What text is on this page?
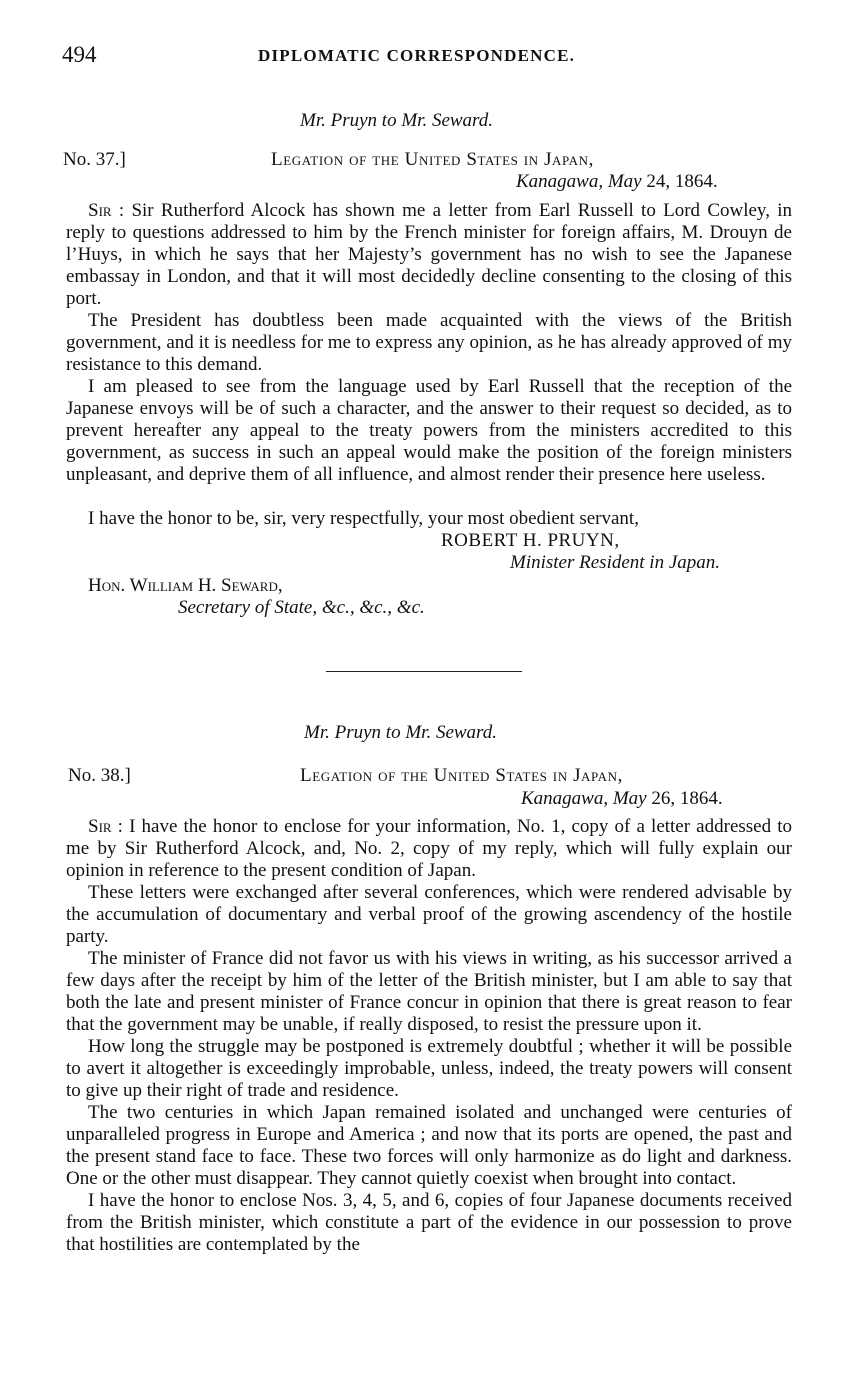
494	DIPLOMATIC CORRESPONDENCE.
Mr. Pruyn to Mr. Seward.
No. 37.]	Legation of the United States in Japan,
Kanagawa, May 24, 1864.

Sir : Sir Rutherford Alcock has shown me a letter from Earl Russell to Lord Cowley, in reply to questions addressed to him by the French minister for foreign affairs, M. Drouyn de l’Huys, in which he says that her Majesty’s government has no wish to see the Japanese embassay in London, and that it will most decidedly decline consenting to the closing of this port.

The President has doubtless been made acquainted with the views of the British government, and it is needless for me to express any opinion, as he has already approved of my resistance to this demand.

I am pleased to see from the language used by Earl Russell that the reception of the Japanese envoys will be of such a character, and the answer to their request so decided, as to prevent hereafter any appeal to the treaty powers from the ministers accredited to this government, as success in such an appeal would make the position of the foreign ministers unpleasant, and deprive them of all influence, and almost render their presence here useless.

I have the honor to be, sir, very respectfully, your most obedient servant,
ROBERT H. PRUYN,
Minister Resident in Japan.
Hon. William H. Seward,
Secretary of State, &c., &c., &c.
Mr. Pruyn to Mr. Seward.
No. 38.]	Legation of the United States in Japan,
Kanagawa, May 26, 1864.

Sir : I have the honor to enclose for your information, No. 1, copy of a letter addressed to me by Sir Rutherford Alcock, and, No. 2, copy of my reply, which will fully explain our opinion in reference to the present condition of Japan.

These letters were exchanged after several conferences, which were rendered advisable by the accumulation of documentary and verbal proof of the growing ascendency of the hostile party.

The minister of France did not favor us with his views in writing, as his successor arrived a few days after the receipt by him of the letter of the British minister, but I am able to say that both the late and present minister of France concur in opinion that there is great reason to fear that the government may be unable, if really disposed, to resist the pressure upon it.

How long the struggle may be postponed is extremely doubtful ; whether it will be possible to avert it altogether is exceedingly improbable, unless, indeed, the treaty powers will consent to give up their right of trade and residence.

The two centuries in which Japan remained isolated and unchanged were centuries of unparalleled progress in Europe and America ; and now that its ports are opened, the past and the present stand face to face. These two forces will only harmonize as do light and darkness. One or the other must disappear. They cannot quietly coexist when brought into contact.

I have the honor to enclose Nos. 3, 4, 5, and 6, copies of four Japanese documents received from the British minister, which constitute a part of the evidence in our possession to prove that hostilities are contemplated by the
